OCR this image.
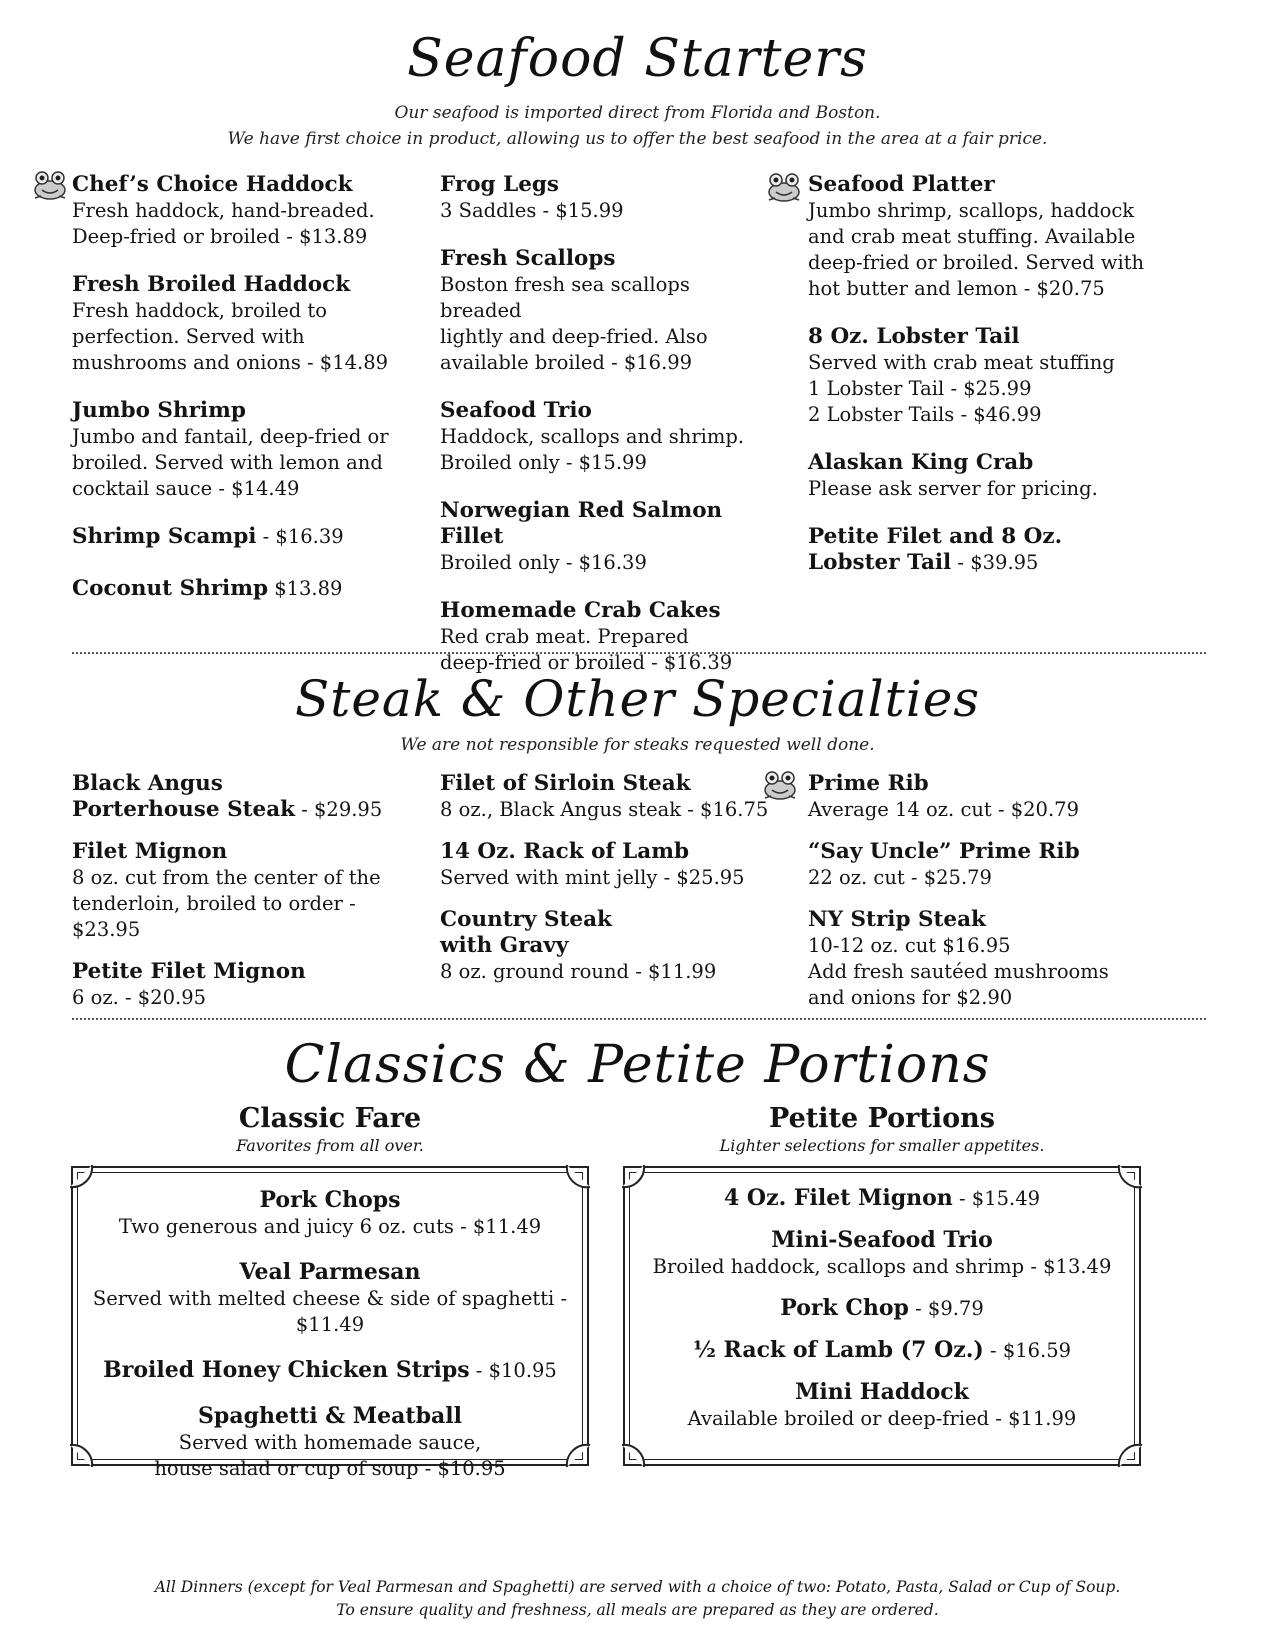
Seafood Starters
Our seafood is imported direct from Florida and Boston.
We have first choice in product, allowing us to offer the best seafood in the area at a fair price.
Chef’s Choice Haddock
Fresh haddock, hand-breaded.
Deep-fried or broiled - $13.89
Fresh Broiled Haddock
Fresh haddock, broiled to
perfection. Served with
mushrooms and onions - $14.89
Jumbo Shrimp
Jumbo and fantail, deep-fried or
broiled. Served with lemon and
cocktail sauce - $14.49
Shrimp Scampi - $16.39
Coconut Shrimp $13.89
Frog Legs
3 Saddles - $15.99
Fresh Scallops
Boston fresh sea scallops breaded
lightly and deep-fried. Also
available broiled - $16.99
Seafood Trio
Haddock, scallops and shrimp.
Broiled only - $15.99
Norwegian Red Salmon Fillet
Broiled only - $16.39
Homemade Crab Cakes
Red crab meat. Prepared
deep-fried or broiled - $16.39
Seafood Platter
Jumbo shrimp, scallops, haddock
and crab meat stuffing. Available
deep-fried or broiled. Served with
hot butter and lemon - $20.75
8 Oz. Lobster Tail
Served with crab meat stuffing
1 Lobster Tail - $25.99
2 Lobster Tails - $46.99
Alaskan King Crab
Please ask server for pricing.
Petite Filet and 8 Oz.
Lobster Tail - $39.95
Steak & Other Specialties
We are not responsible for steaks requested well done.
Black Angus
Porterhouse Steak - $29.95
Filet Mignon
8 oz. cut from the center of the
tenderloin, broiled to order - $23.95
Petite Filet Mignon
6 oz. - $20.95
Filet of Sirloin Steak
8 oz., Black Angus steak - $16.75
14 Oz. Rack of Lamb
Served with mint jelly - $25.95
Country Steak
with Gravy
8 oz. ground round - $11.99
Prime Rib
Average 14 oz. cut - $20.79
“Say Uncle” Prime Rib
22 oz. cut - $25.79
NY Strip Steak
10-12 oz. cut $16.95
Add fresh sautéed mushrooms
and onions for $2.90
Classics & Petite Portions
Classic Fare
Favorites from all over.
Petite Portions
Lighter selections for smaller appetites.
Pork Chops
Two generous and juicy 6 oz. cuts - $11.49
Veal Parmesan
Served with melted cheese & side of spaghetti - $11.49
Broiled Honey Chicken Strips - $10.95
Spaghetti & Meatball
Served with homemade sauce,
house salad or cup of soup - $10.95
4 Oz. Filet Mignon - $15.49
Mini-Seafood Trio
Broiled haddock, scallops and shrimp - $13.49
Pork Chop - $9.79
½ Rack of Lamb (7 Oz.) - $16.59
Mini Haddock
Available broiled or deep-fried - $11.99
All Dinners (except for Veal Parmesan and Spaghetti) are served with a choice of two: Potato, Pasta, Salad or Cup of Soup.
To ensure quality and freshness, all meals are prepared as they are ordered.
